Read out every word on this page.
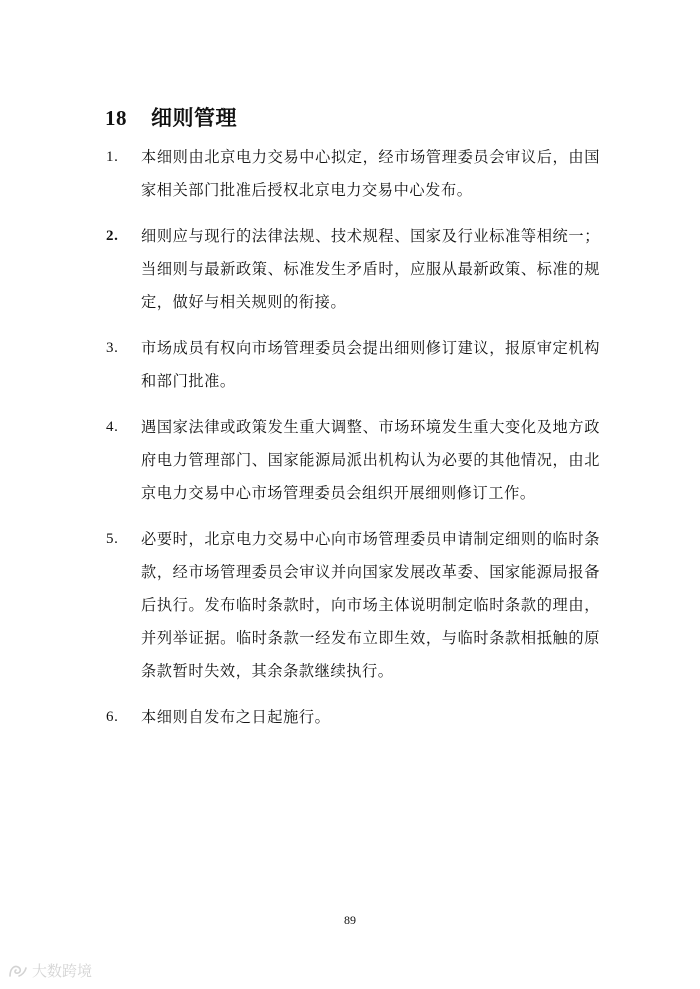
18 细则管理
1. 本细则由北京电力交易中心拟定，经市场管理委员会审议后，由国家相关部门批准后授权北京电力交易中心发布。
2. 细则应与现行的法律法规、技术规程、国家及行业标准等相统一；当细则与最新政策、标准发生矛盾时，应服从最新政策、标准的规定，做好与相关规则的衔接。
3. 市场成员有权向市场管理委员会提出细则修订建议，报原审定机构和部门批准。
4. 遇国家法律或政策发生重大调整、市场环境发生重大变化及地方政府电力管理部门、国家能源局派出机构认为必要的其他情况，由北京电力交易中心市场管理委员会组织开展细则修订工作。
5. 必要时，北京电力交易中心向市场管理委员申请制定细则的临时条款，经市场管理委员会审议并向国家发展改革委、国家能源局报备后执行。发布临时条款时，向市场主体说明制定临时条款的理由，并列举证据。临时条款一经发布立即生效，与临时条款相抵触的原条款暂时失效，其余条款继续执行。
6. 本细则自发布之日起施行。
89
大数跨境
